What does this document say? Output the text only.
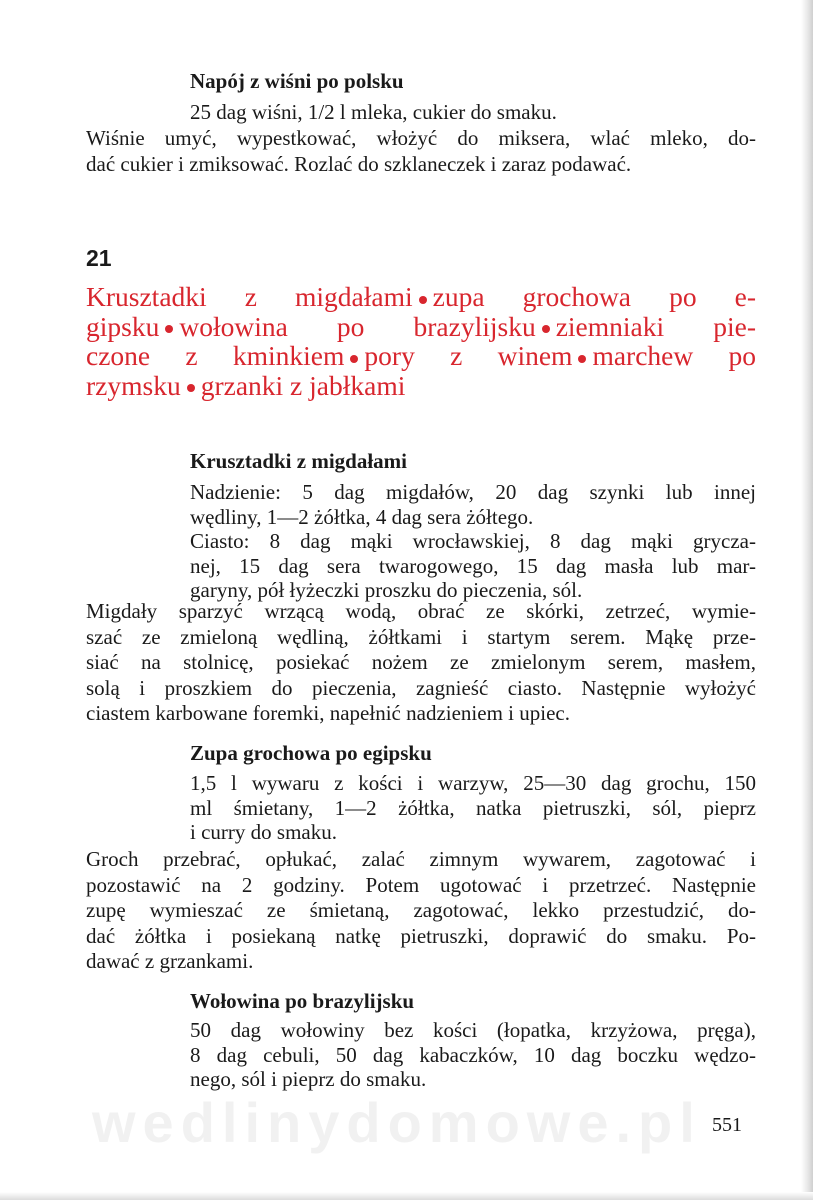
Napój z wiśni po polsku

25 dag wiśni, 1/2 l mleka, cukier do smaku.

Wiśnie umyć, wypestkować, włożyć do miksera, wlać mleko, do-
dać cukier i zmiksować. Rozlać do szklaneczek i zaraz podawać.

21
Krusztadki z migdałami zupa grochowa po e-
gipsku wołowina po brazylijsku ziemniaki pie-
czone z kminkiem pory z winem marchew po
rzymsku grzanki z jabłkami
Krusztadki z migdałami

Nadzienie: 5 dag migdałów, 20 dag szynki lub innej
wędliny, 1—2 żółtka, 4 dag sera żółtego.

Ciasto: 8 dag mąki wrocławskiej, 8 dag mąki gryczа-
nej, 15 dag sera twarogowego, 15 dag masła lub mar-
garyny, pół łyżeczki proszku do pieczenia, sól.

Migdały sparzyć wrzącą wodą, obrać ze skórki, zetrzeć, wymie-
szać ze zmieloną wędliną, żółtkami i startym serem. Mąkę prze-
siać na stolnicę, posiekać nożem ze zmielonym serem, masłem,
solą i proszkiem do pieczenia, zagnieść ciasto. Następnie wyłożyć
ciastem karbowane foremki, napełnić nadzieniem i upiec.

Zupa grochowa po egipsku

1,5 l wywaru z kości i warzyw, 25—30 dag grochu, 150
ml śmietany, 1—2 żółtka, natka pietruszki, sól, pieprz
i curry do smaku.

Groch przebrać, opłukać, zalać zimnym wywarem, zagotować i
pozostawić na 2 godziny. Potem ugotować i przetrzeć. Następnie
zupę wymieszać ze śmietaną, zagotować, lekko przestudzić, do-
dać żółtka i posiekaną natkę pietruszki, doprawić do smaku. Po-
dawać z grzankami.

Wołowina po brazylijsku

50 dag wołowiny bez kości (łopatka, krzyżowa, pręga),
8 dag cebuli, 50 dag kabaczków, 10 dag boczku wędzo-
nego, sól i pieprz do smaku.

wedlinydomowe.pl 551
